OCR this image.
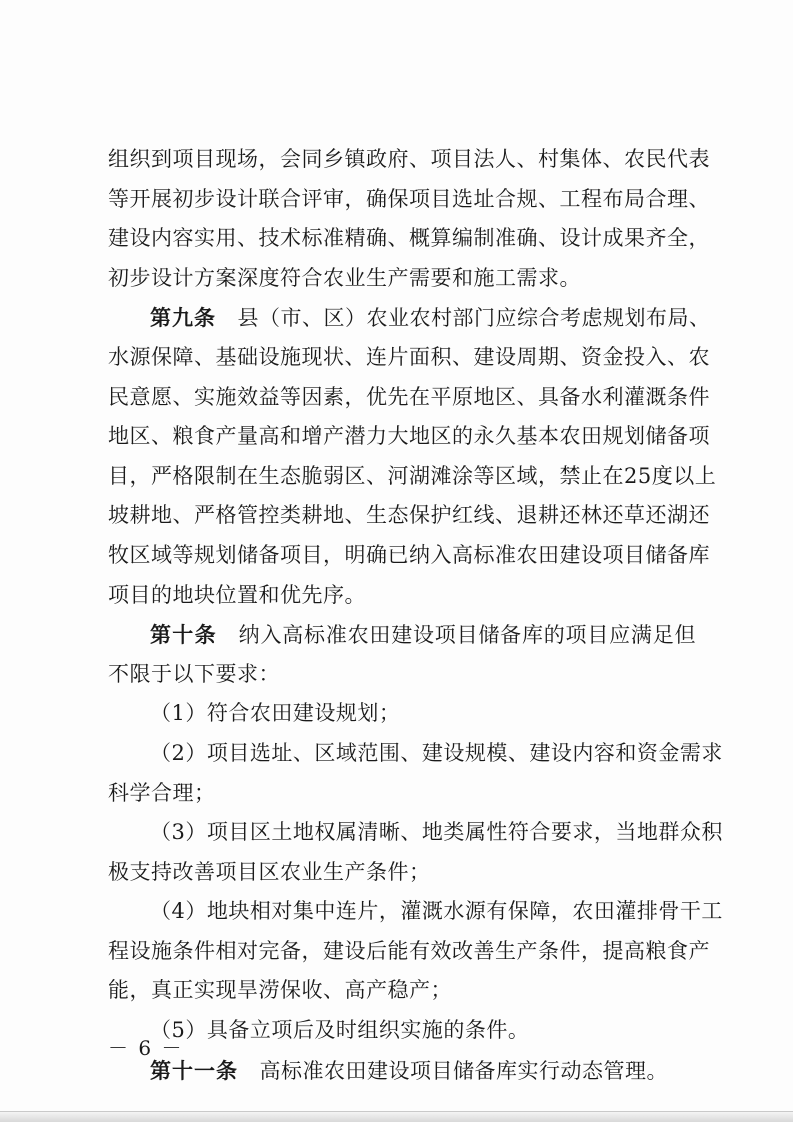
组织到项目现场，会同乡镇政府、项目法人、村集体、农民代表
等开展初步设计联合评审，确保项目选址合规、工程布局合理、
建设内容实用、技术标准精确、概算编制准确、设计成果齐全，
初步设计方案深度符合农业生产需要和施工需求。
第九条　 县（市、区）农业农村部门应综合考虑规划布局、
水源保障、基础设施现状、连片面积、建设周期、资金投入、农
民意愿、实施效益等因素，优先在平原地区、具备水利灌溉条件
地区、粮食产量高和增产潜力大地区的永久基本农田规划储备项
目，严格限制在生态脆弱区、河湖滩涂等区域，禁止在25度以上
坡耕地、严格管控类耕地、生态保护红线、退耕还林还草还湖还
牧区域等规划储备项目，明确已纳入高标准农田建设项目储备库
项目的地块位置和优先序。
第十条　 纳入高标准农田建设项目储备库的项目应满足但
不限于以下要求：
（1）符合农田建设规划；
（2）项目选址、区域范围、建设规模、建设内容和资金需求
科学合理；
（3）项目区土地权属清晰、地类属性符合要求，当地群众积
极支持改善项目区农业生产条件；
（4）地块相对集中连片，灌溉水源有保障，农田灌排骨干工
程设施条件相对完备，建设后能有效改善生产条件，提高粮食产
能，真正实现旱涝保收、高产稳产；
（5）具备立项后及时组织实施的条件。
第十一条　 高标准农田建设项目储备库实行动态管理。
－ 6 －
